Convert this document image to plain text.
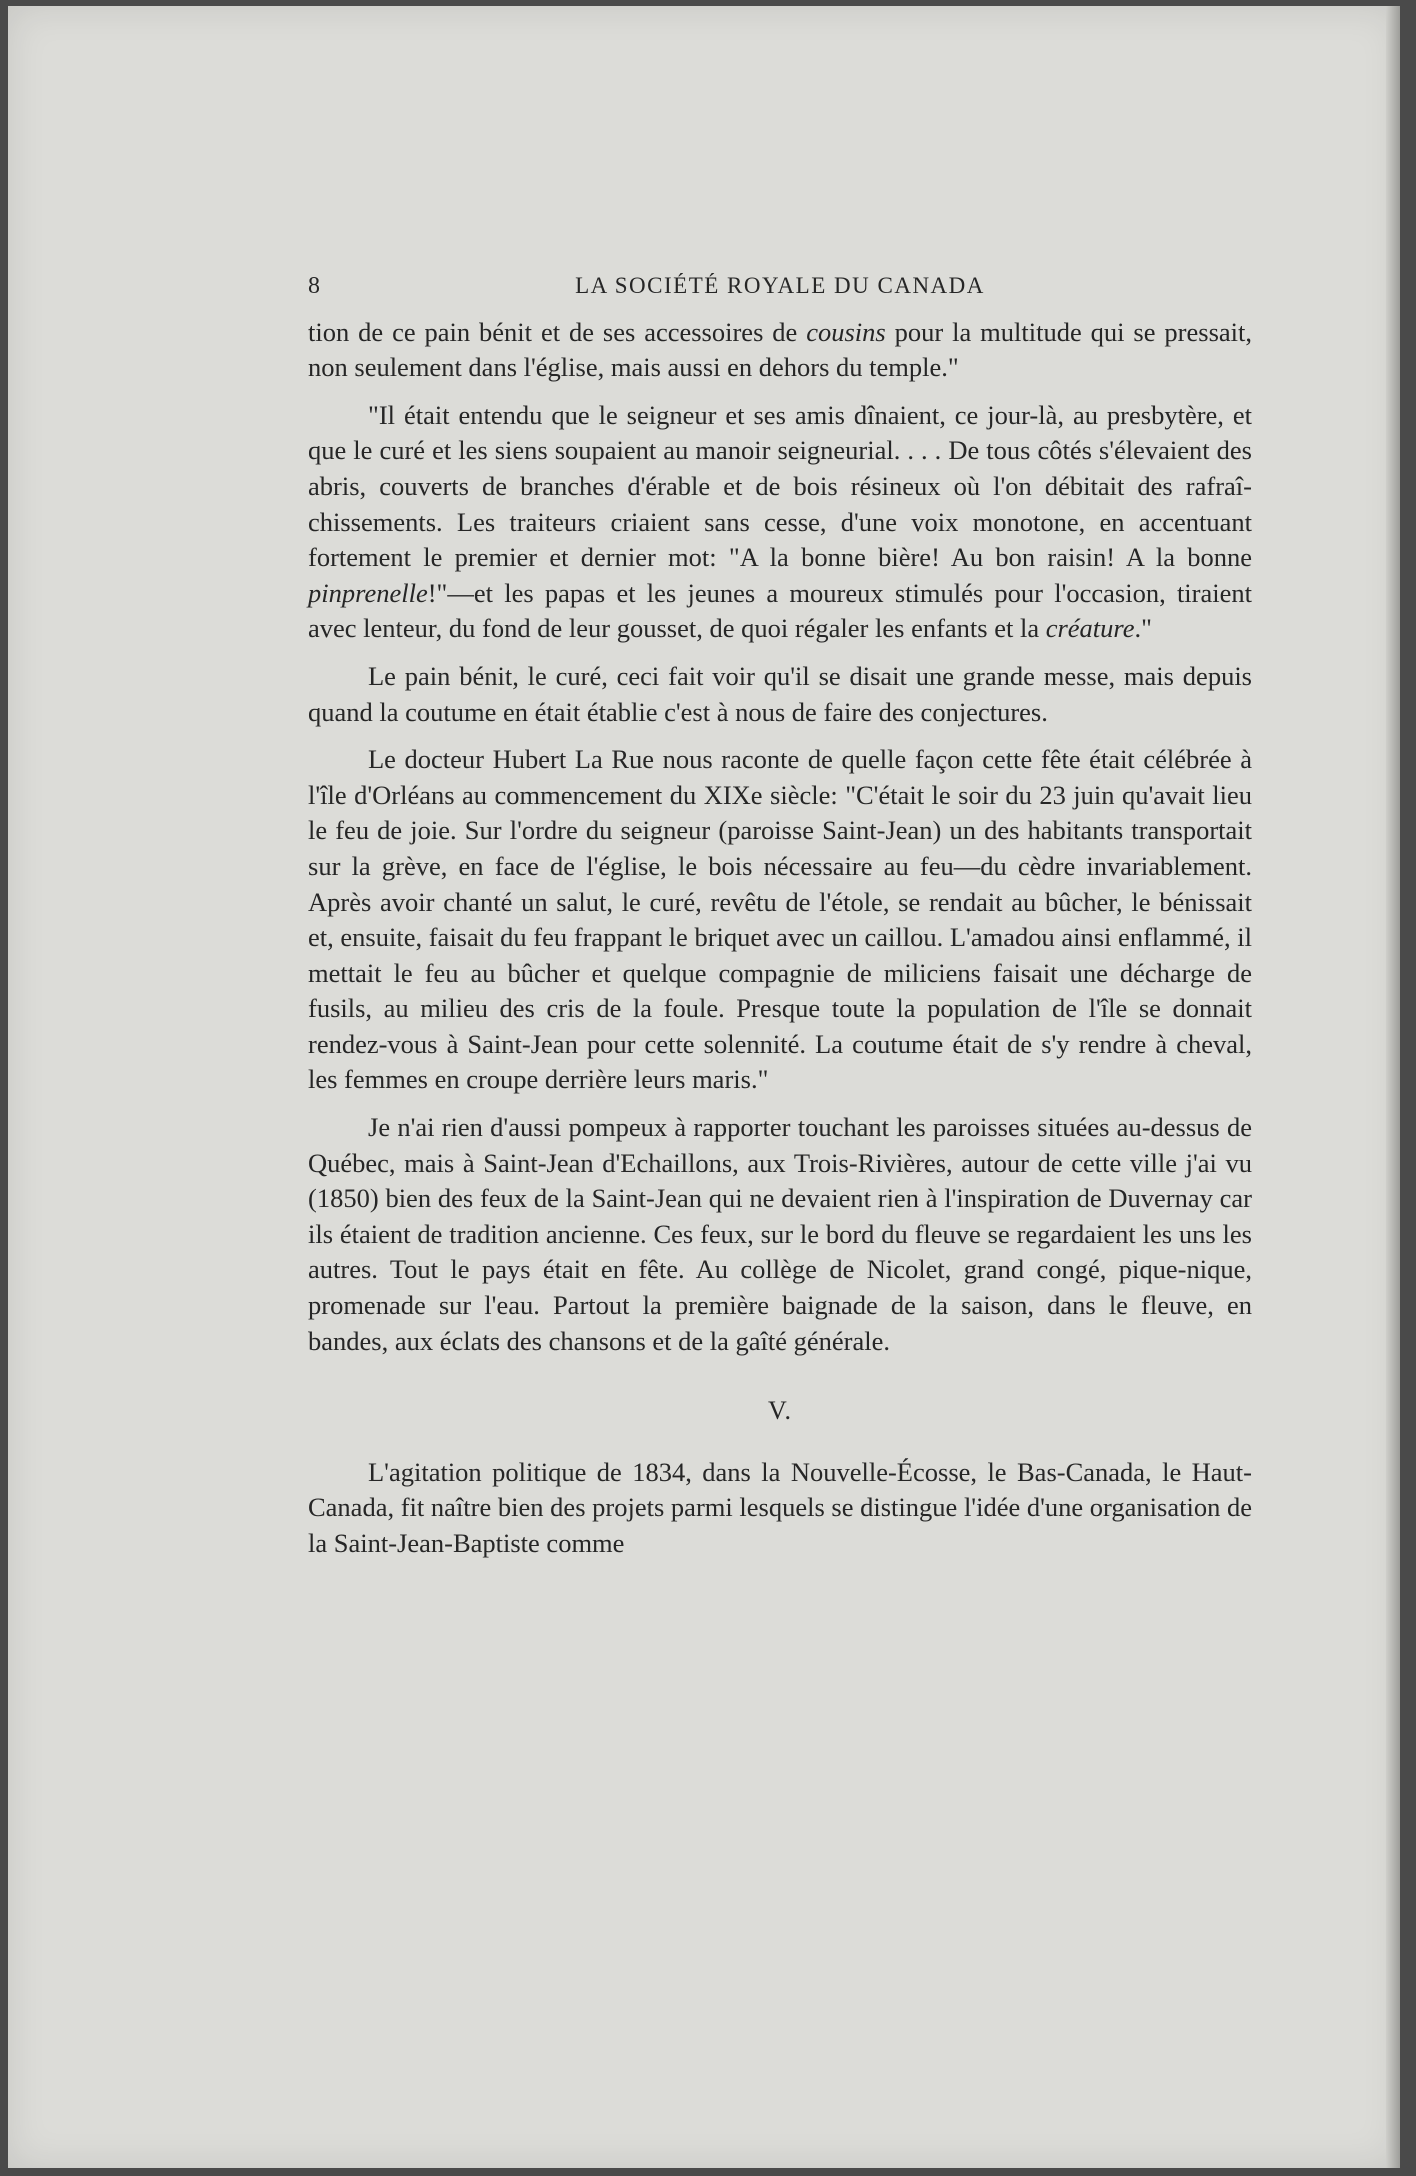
8	LA SOCIÉTÉ ROYALE DU CANADA

tion de ce pain bénit et de ses accessoires de cousins pour la multitude qui se pressait, non seulement dans l'église, mais aussi en dehors du temple."

"Il était entendu que le seigneur et ses amis dînaient, ce jour-là, au presbytère, et que le curé et les siens soupaient au manoir seigneurial. . . . De tous côtés s'élevaient des abris, couverts de branches d'érable et de bois résineux où l'on débitait des rafraîchissements. Les traiteurs criaient sans cesse, d'une voix monotone, en accentuant fortement le premier et dernier mot: "A la bonne bière! Au bon raisin! A la bonne pinprenelle!"—et les papas et les jeunes a moureux stimulés pour l'occasion, tiraient avec lenteur, du fond de leur gousset, de quoi régaler les enfants et la créature."

Le pain bénit, le curé, ceci fait voir qu'il se disait une grande messe, mais depuis quand la coutume en était établie c'est à nous de faire des conjectures.

Le docteur Hubert La Rue nous raconte de quelle façon cette fête était célébrée à l'île d'Orléans au commencement du XIXe siècle: "C'était le soir du 23 juin qu'avait lieu le feu de joie. Sur l'ordre du seigneur (paroisse Saint-Jean) un des habitants transportait sur la grève, en face de l'église, le bois nécessaire au feu—du cèdre invariablement. Après avoir chanté un salut, le curé, revêtu de l'étole, se rendait au bûcher, le bénissait et, ensuite, faisait du feu frappant le briquet avec un caillou. L'amadou ainsi enflammé, il mettait le feu au bûcher et quelque compagnie de miliciens faisait une décharge de fusils, au milieu des cris de la foule. Presque toute la population de l'île se donnait rendez-vous à Saint-Jean pour cette solennité. La coutume était de s'y rendre à cheval, les femmes en croupe derrière leurs maris."

Je n'ai rien d'aussi pompeux à rapporter touchant les paroisses situées au-dessus de Québec, mais à Saint-Jean d'Echaillons, aux Trois-Rivières, autour de cette ville j'ai vu (1850) bien des feux de la Saint-Jean qui ne devaient rien à l'inspiration de Duvernay car ils étaient de tradition ancienne. Ces feux, sur le bord du fleuve se regardaient les uns les autres. Tout le pays était en fête. Au collège de Nicolet, grand congé, pique-nique, promenade sur l'eau. Partout la première baignade de la saison, dans le fleuve, en bandes, aux éclats des chansons et de la gaîté générale.

V.

L'agitation politique de 1834, dans la Nouvelle-Écosse, le Bas-Canada, le Haut-Canada, fit naître bien des projets parmi lesquels se distingue l'idée d'une organisation de la Saint-Jean-Baptiste comme
